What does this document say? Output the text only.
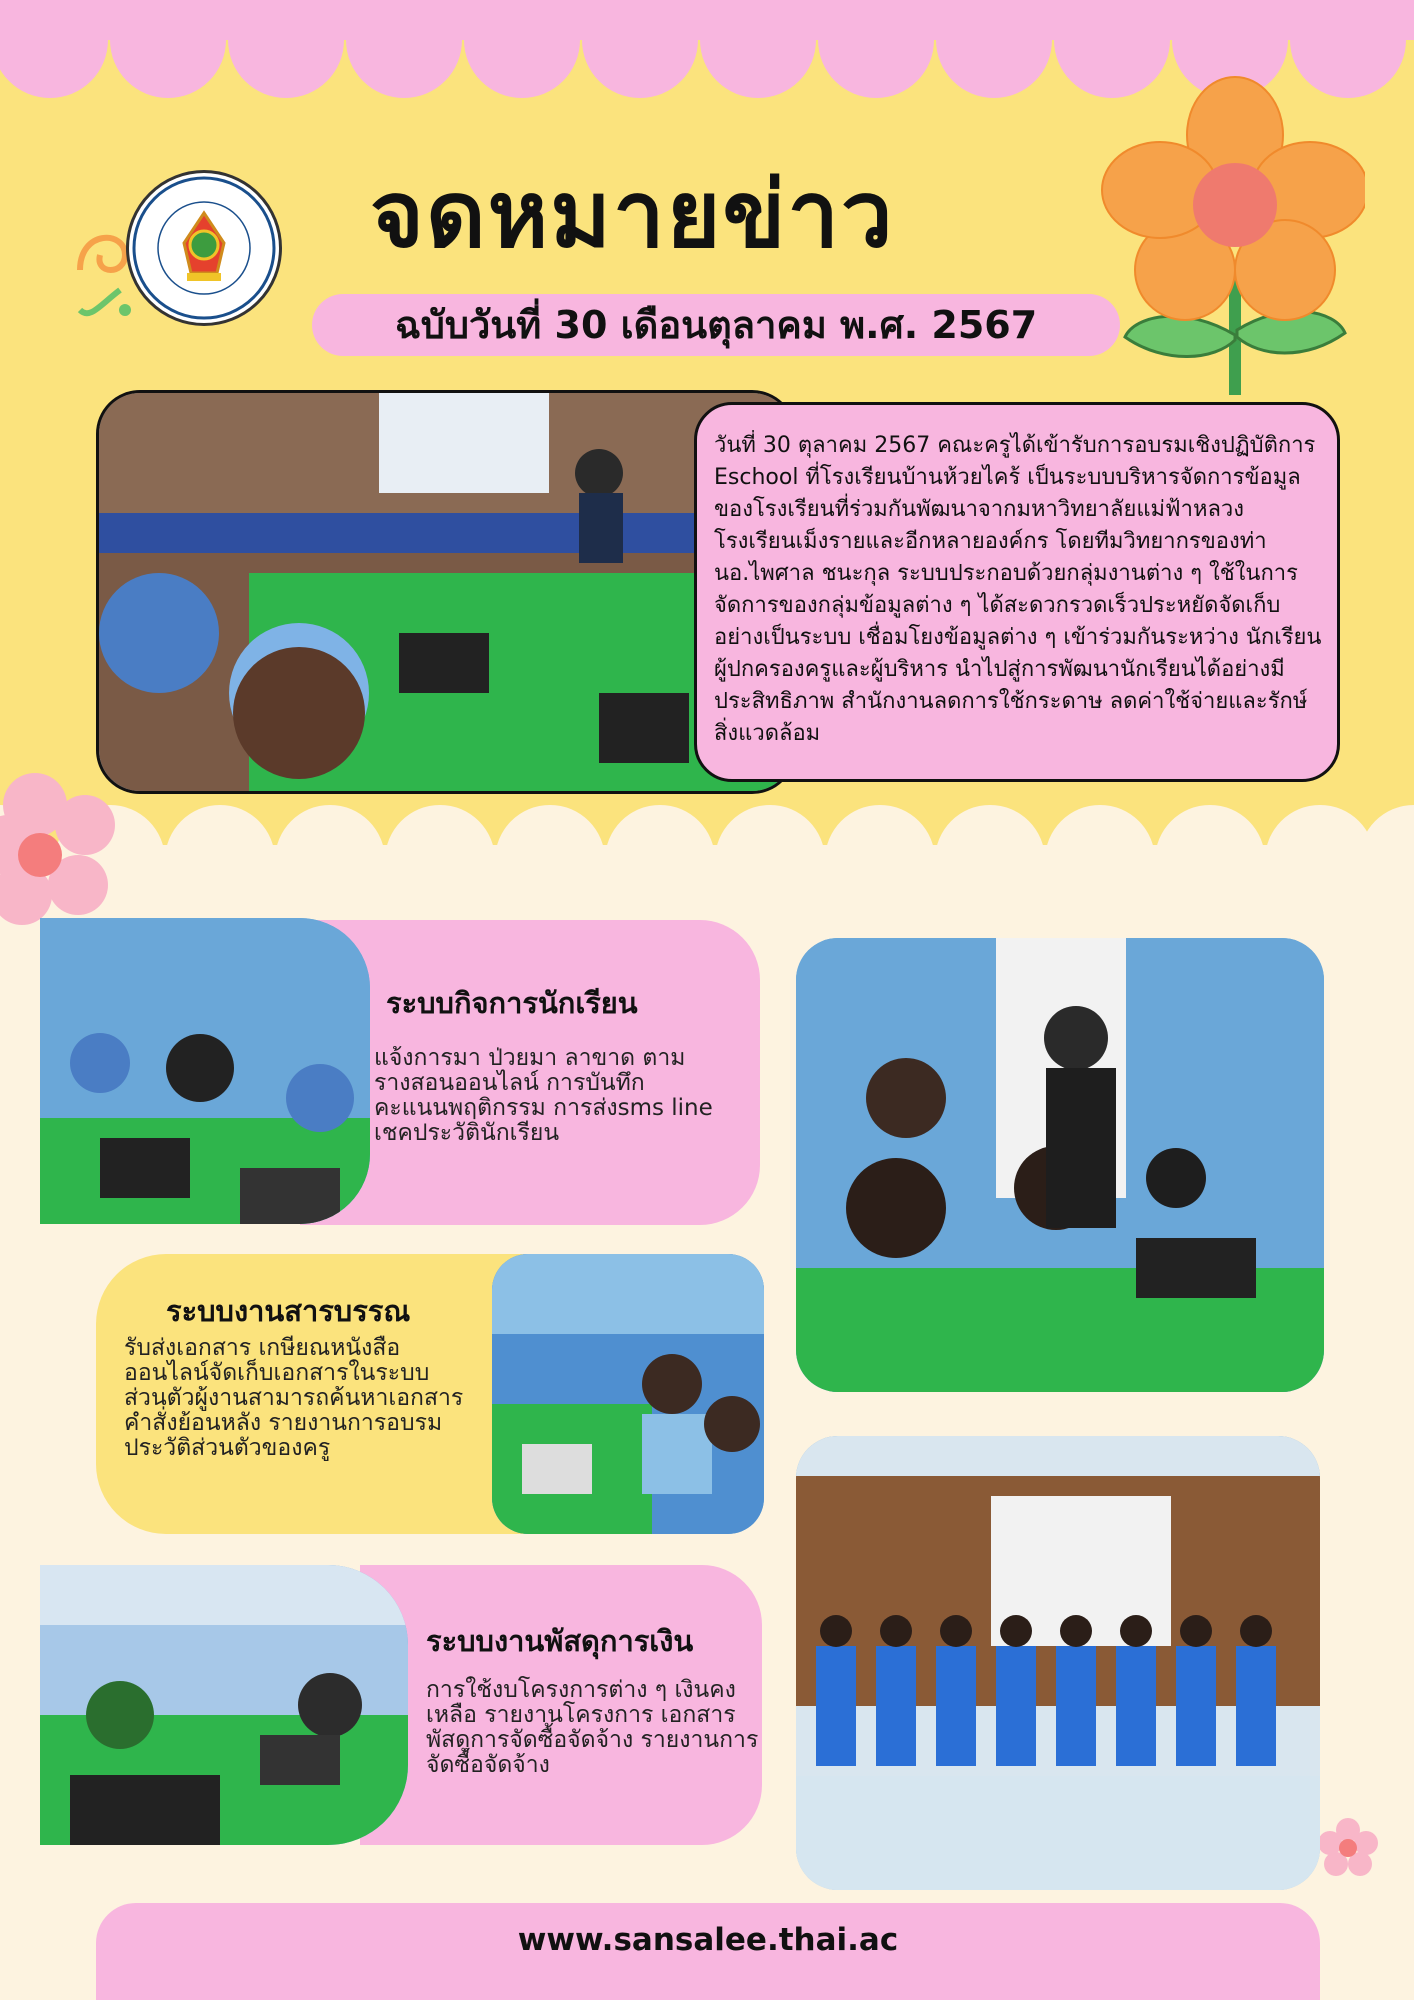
จดหมายข่าว
ฉบับวันที่ 30 เดือนตุลาคม พ.ศ. 2567
วันที่ 30 ตุลาคม 2567 คณะครูได้เข้ารับการอบรมเชิงปฏิบัติการ Eschool ที่โรงเรียนบ้านห้วยไคร้ เป็นระบบบริหารจัดการข้อมูลของโรงเรียนที่ร่วมกันพัฒนาจากมหาวิทยาลัยแม่ฟ้าหลวง โรงเรียนเม็งรายและอีกหลายองค์กร โดยทีมวิทยากรของท่านอ.ไพศาล ชนะกุล ระบบประกอบด้วยกลุ่มงานต่าง ๆ ใช้ในการจัดการของกลุ่มข้อมูลต่าง ๆ ได้สะดวกรวดเร็วประหยัดจัดเก็บอย่างเป็นระบบ เชื่อมโยงข้อมูลต่าง ๆ เข้าร่วมกันระหว่าง นักเรียน ผู้ปกครองครูและผู้บริหาร นำไปสู่การพัฒนานักเรียนได้อย่างมีประสิทธิภาพ สำนักงานลดการใช้กระดาษ ลดค่าใช้จ่ายและรักษ์สิ่งแวดล้อม
ระบบกิจการนักเรียน
แจ้งการมา ป่วยมา ลาขาด ตามรางสอนออนไลน์ การบันทึกคะแนนพฤติกรรม การส่งsms line เชคประวัตินักเรียน
ระบบงานสารบรรณ
รับส่งเอกสาร เกษียณหนังสือออนไลน์จัดเก็บเอกสารในระบบส่วนตัวผู้งานสามารถค้นหาเอกสารคำสั่งย้อนหลัง รายงานการอบรมประวัติส่วนตัวของครู
ระบบงานพัสดุการเงิน
การใช้งบโครงการต่าง ๆ เงินคงเหลือ รายงานโครงการ เอกสารพัสดุการจัดซื้อจัดจ้าง รายงานการจัดซื้อจัดจ้าง
www.sansalee.thai.ac
